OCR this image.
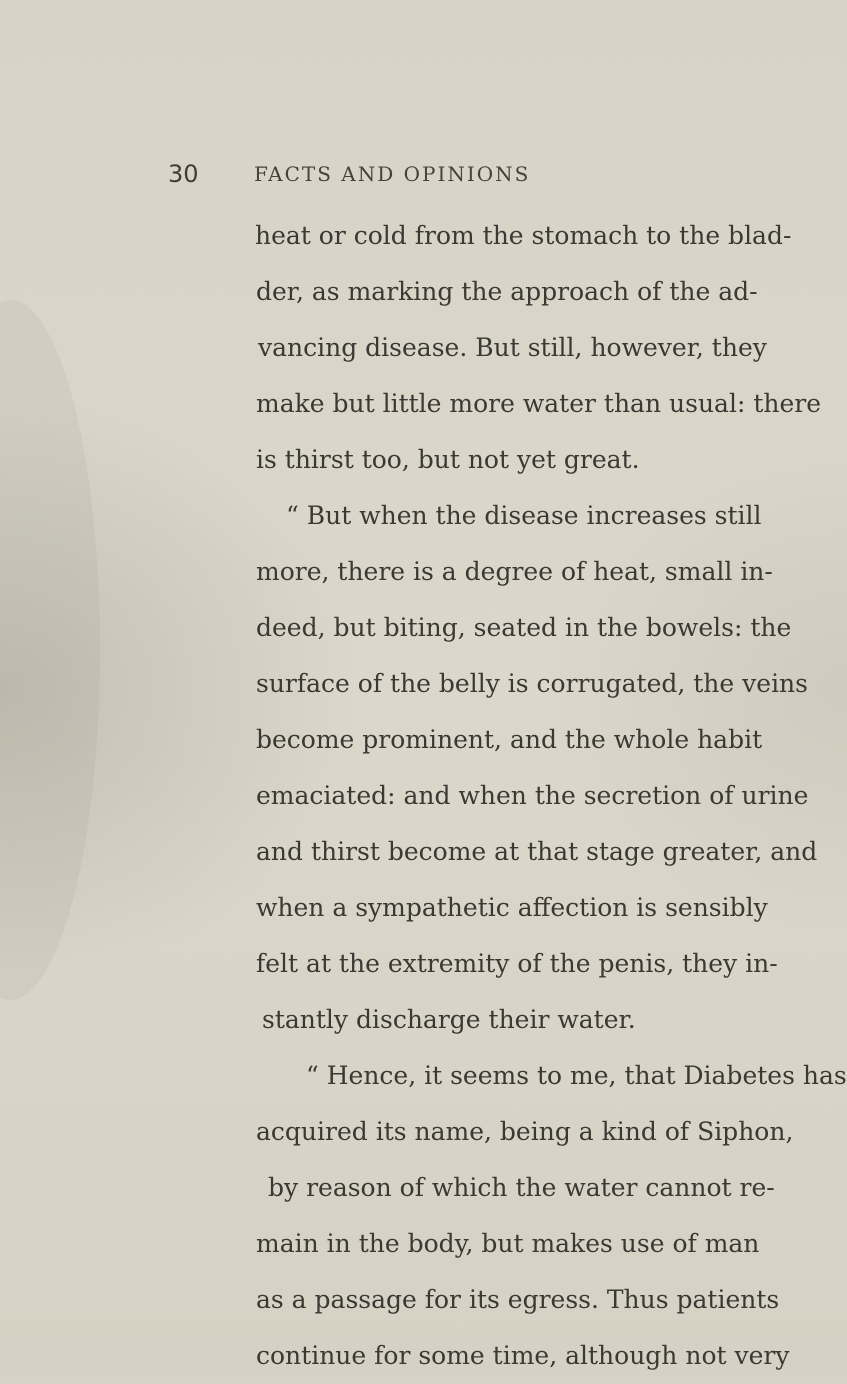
30	FACTS AND OPINIONS
heat or cold from the stomach to the blad-
der, as marking the approach of the ad-
vancing disease. But still, however, they
make but little more water than usual: there
is thirst too, but not yet great.
“ But when the disease increases still
more, there is a degree of heat, small in-
deed, but biting, seated in the bowels: the
surface of the belly is corrugated, the veins
become prominent, and the whole habit
emaciated: and when the secretion of urine
and thirst become at that stage greater, and
when a sympathetic affection is sensibly
felt at the extremity of the penis, they in-
stantly discharge their water.
“ Hence, it seems to me, that Diabetes has
acquired its name, being a kind of Siphon,
by reason of which the water cannot re-
main in the body, but makes use of man
as a passage for its egress. Thus patients
continue for some time, although not very
